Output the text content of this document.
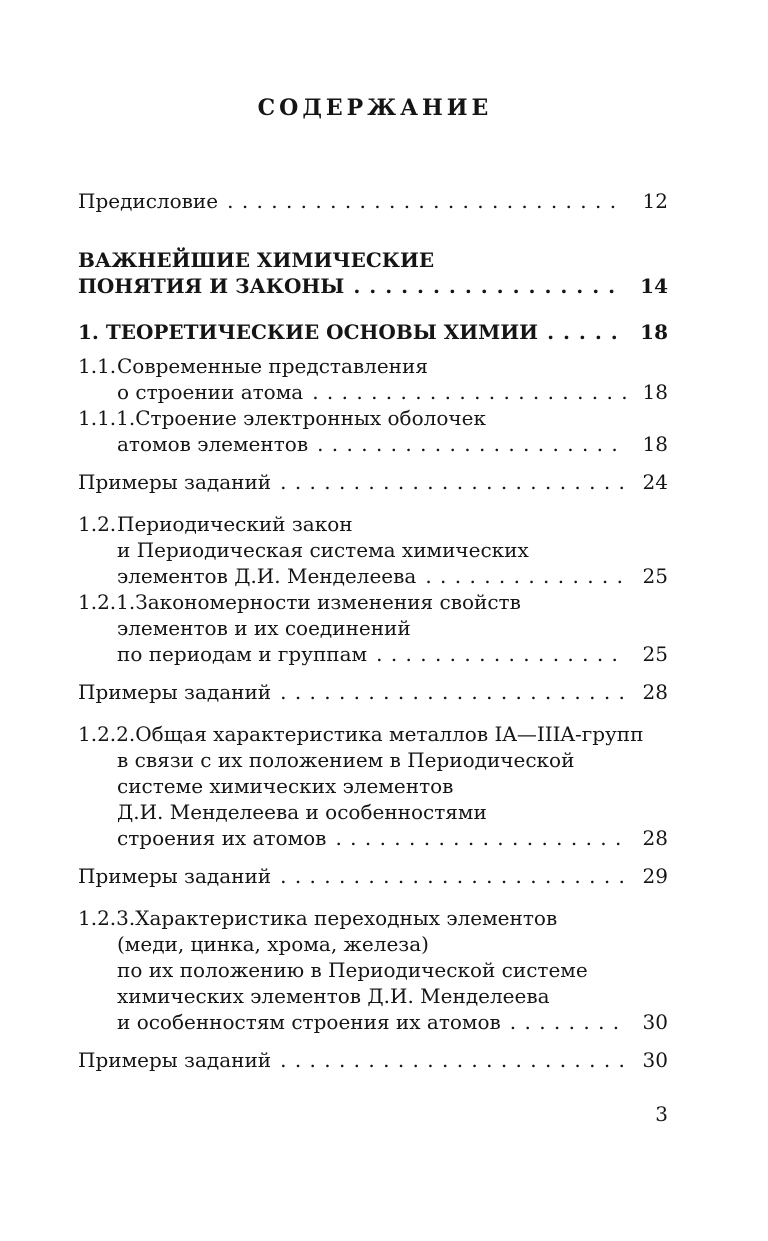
СОДЕРЖАНИЕ
Предисловие . . .	12
ВАЖНЕЙШИЕ ХИМИЧЕСКИЕ
ПОНЯТИЯ И ЗАКОНЫ . . .	14
1. ТЕОРЕТИЧЕСКИЕ ОСНОВЫ ХИМИИ . . .	18
1.1.Современные представления
о строении атома . . .	18
1.1.1.Строение электронных оболочек
атомов элементов . . .	18
Примеры заданий . . .	24
1.2.Периодический закон
и Периодическая система химических
элементов Д.И. Менделеева . . .	25
1.2.1.Закономерности изменения свойств
элементов и их соединений
по периодам и группам . . .	25
Примеры заданий . . .	28
1.2.2.Общая характеристика металлов IA—IIIA-групп
в связи с их положением в Периодической
системе химических элементов
Д.И. Менделеева и особенностями
строения их атомов . . .	28
Примеры заданий . . .	29
1.2.3.Характеристика переходных элементов
(меди, цинка, хрома, железа)
по их положению в Периодической системе
химических элементов Д.И. Менделеева
и особенностям строения их атомов . . .	30
Примеры заданий . . .	30
3
